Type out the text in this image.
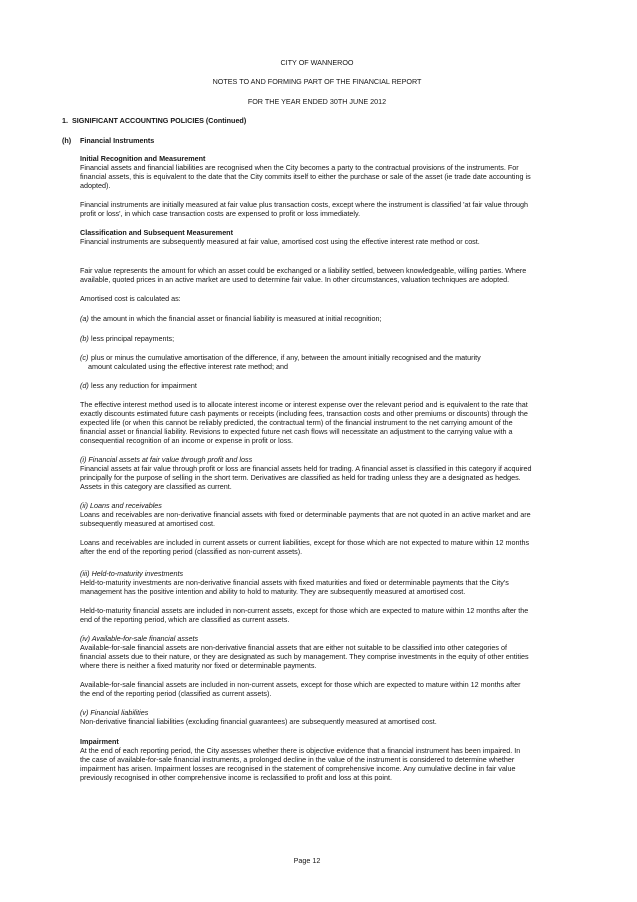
CITY OF WANNEROO
NOTES TO AND FORMING PART OF THE FINANCIAL REPORT
FOR THE YEAR ENDED 30TH JUNE 2012
1. SIGNIFICANT ACCOUNTING POLICIES (Continued)
(h) Financial Instruments
Initial Recognition and Measurement
Financial assets and financial liabilities are recognised when the City becomes a party to the contractual provisions of the instruments. For
financial assets, this is equivalent to the date that the City commits itself to either the purchase or sale of the asset (ie trade date accounting is
adopted).
Financial instruments are initially measured at fair value plus transaction costs, except where the instrument is classified 'at fair value through
profit or loss', in which case transaction costs are expensed to profit or loss immediately.
Classification and Subsequent Measurement
Financial instruments are subsequently measured at fair value, amortised cost using the effective interest rate method or cost.
Fair value represents the amount for which an asset could be exchanged or a liability settled, between knowledgeable, willing parties. Where
available, quoted prices in an active market are used to determine fair value. In other circumstances, valuation techniques are adopted.
Amortised cost is calculated as:
(a) the amount in which the financial asset or financial liability is measured at initial recognition;
(b) less principal repayments;
(c) plus or minus the cumulative amortisation of the difference, if any, between the amount initially recognised and the maturity
amount calculated using the effective interest rate method; and
(d) less any reduction for impairment
The effective interest method used is to allocate interest income or interest expense over the relevant period and is equivalent to the rate that
exactly discounts estimated future cash payments or receipts (including fees, transaction costs and other premiums or discounts) through the
expected life (or when this cannot be reliably predicted, the contractual term) of the financial instrument to the net carrying amount of the
financial asset or financial liability. Revisions to expected future net cash flows will necessitate an adjustment to the carrying value with a
consequential recognition of an income or expense in profit or loss.
(i) Financial assets at fair value through profit and loss
Financial assets at fair value through profit or loss are financial assets held for trading. A financial asset is classified in this category if acquired
principally for the purpose of selling in the short term. Derivatives are classified as held for trading unless they are a designated as hedges.
Assets in this category are classified as current.
(ii) Loans and receivables
Loans and receivables are non-derivative financial assets with fixed or determinable payments that are not quoted in an active market and are
subsequently measured at amortised cost.
Loans and receivables are included in current assets or current liabilities, except for those which are not expected to mature within 12 months
after the end of the reporting period (classified as non-current assets).
(iii) Held-to-maturity investments
Held-to-maturity investments are non-derivative financial assets with fixed maturities and fixed or determinable payments that the City's
management has the positive intention and ability to hold to maturity. They are subsequently measured at amortised cost.
Held-to-maturity financial assets are included in non-current assets, except for those which are expected to mature within 12 months after the
end of the reporting period, which are classified as current assets.
(iv) Available-for-sale financial assets
Available-for-sale financial assets are non-derivative financial assets that are either not suitable to be classified into other categories of
financial assets due to their nature, or they are designated as such by management. They comprise investments in the equity of other entities
where there is neither a fixed maturity nor fixed or determinable payments.
Available-for-sale financial assets are included in non-current assets, except for those which are expected to mature within 12 months after
the end of the reporting period (classified as current assets).
(v) Financial liabilities
Non-derivative financial liabilities (excluding financial guarantees) are subsequently measured at amortised cost.
Impairment
At the end of each reporting period, the City assesses whether there is objective evidence that a financial instrument has been impaired. In
the case of available-for-sale financial instruments, a prolonged decline in the value of the instrument is considered to determine whether
impairment has arisen. Impairment losses are recognised in the statement of comprehensive income. Any cumulative decline in fair value
previously recognised in other comprehensive income is reclassified to profit and loss at this point.
Page 12
